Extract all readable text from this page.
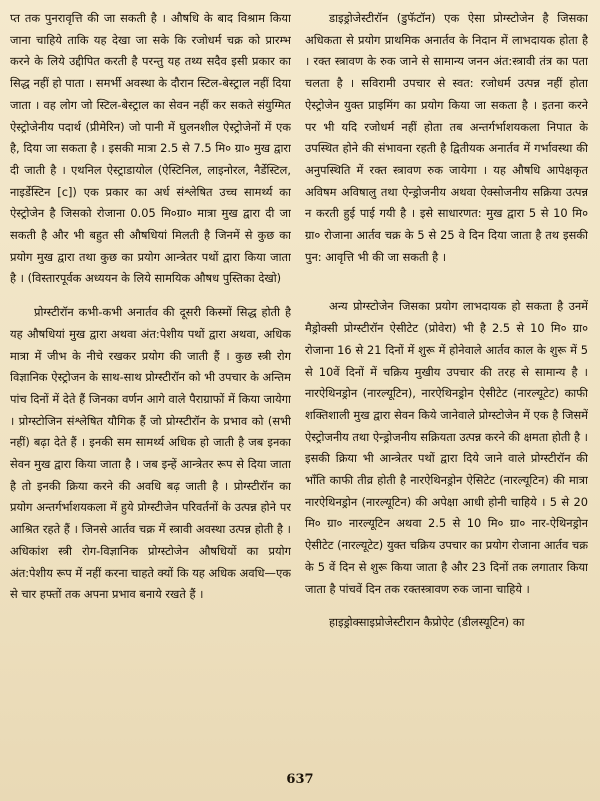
प्त तक पुनरावृत्ति की जा सकती है । औषधि के बाद विश्राम किया जाना चाहिये ताकि यह देखा जा सके कि रजोधर्म चक्र को प्रारम्भ करने के लिये उद्दीपित करती है परन्तु यह तथ्य सदैव इसी प्रकार का सिद्ध नहीं हो पाता । समर्भी अवस्था के दौरान स्टिल-बेस्ट्राल नहीं दिया जाता । वह लोग जो स्टिल-बेस्ट्राल का सेवन नहीं कर सकते संयुग्मित ऐस्ट्रोजेनीय पदार्थ (प्रीमेरिन) जो पानी में घुलनशील ऐस्ट्रोजेनों में एक है, दिया जा सकता है । इसकी मात्रा 2.5 से 7.5 मि० ग्रा० मुख द्वारा दी जाती है । एथनिल ऐस्ट्राडायोल (ऐस्टिनिल, लाइनोरल, नैर्डेस्टिल, नाइर्डेस्टिन [c]) एक प्रकार का अर्ध संश्लेषित उच्च सामर्थ्य का ऐस्ट्रोजेन है जिसको रोजाना 0.05 मि०ग्रा० मात्रा मुख द्वारा दी जा सकती है और भी बहुत सी औषधियां मिलती है जिनमें से कुछ का प्रयोग मुख द्वारा तथा कुछ का प्रयोग आन्त्रेतर पथों द्वारा किया जाता है । (विस्तारपूर्वक अध्ययन के लिये सामयिक औषध पुस्तिका देखो)

प्रोग्स्टीरॉन कभी-कभी अनार्तव की दूसरी किस्मों सिद्ध होती है यह औषधियां मुख द्वारा अथवा अंत:पेशीय पथों द्वारा अथवा, अधिक मात्रा में जीभ के नीचे रखकर प्रयोग की जाती हैं । कुछ स्त्री रोग विज्ञानिक ऐस्ट्रोजन के साथ-साथ प्रोग्स्टीरॉन को भी उपचार के अन्तिम पांच दिनों में देते हैं जिनका वर्णन आगे वाले पैराग्राफों में किया जायेगा । प्रोग्स्टोजिन संश्लेषित यौगिक हैं जो प्रोग्स्टीरॉन के प्रभाव को (सभी नहीं) बढ़ा देते हैं । इनकी सम सामर्थ्य अधिक हो जाती है जब इनका सेवन मुख द्वारा किया जाता है । जब इन्हें आन्त्रेतर रूप से दिया जाता है तो इनकी क्रिया करने की अवधि बढ़ जाती है । प्रोग्स्टीरॉन का प्रयोग अन्तर्गर्भाशयकला में हुये प्रोग्स्टीजेन परिवर्तनों के उत्पन्न होने पर आश्रित रहते हैं । जिनसे आर्तव चक्र में स्त्रावी अवस्था उत्पन्न होती है । अधिकांश स्त्री रोग-विज्ञानिक प्रोग्स्टोजेन औषधियों का प्रयोग अंत:पेशीय रूप में नहीं करना चाहते क्यों कि यह अधिक अवधि—एक से चार हफ्तों तक अपना प्रभाव बनाये रखते हैं ।

डाइड्रोजेस्टीरॉन (डुफॅटॉन) एक ऐसा प्रोग्स्टोजेन है जिसका अधिकता से प्रयोग प्राथमिक अनार्तव के निदान में लाभदायक होता है । रक्त स्त्रावण के रुक जाने से सामान्य जनन अंत:स्त्रावी तंत्र का पता चलता है । सविरामी उपचार से स्वत: रजोधर्म उत्पन्न नहीं होता ऐस्ट्रोजेन युक्त प्राइमिंग का प्रयोग किया जा सकता है । इतना करने पर भी यदि रजोधर्म नहीं होता तब अन्तर्गर्भाशयकला निपात के उपस्थित होने की संभावना रहती है द्वितीयक अनार्तव में गर्भावस्था की अनुपस्थिति में रक्त स्त्रावण रुक जायेगा । यह औषधि आपेक्षकृत अविषम अविषालु तथा ऐन्ड्रोजनीय अथवा ऐक्सोजनीय सक्रिया उत्पन्न न करती हुई पाई गयी है । इसे साधारणत: मुख द्वारा 5 से 10 मि० ग्रा० रोजाना आर्तव चक्र के 5 से 25 वे दिन दिया जाता है तथ इसकी पुन: आवृत्ति भी की जा सकती है ।

अन्य प्रोग्स्टोजेन जिसका प्रयोग लाभदायक हो सकता है उनमें मैड्रोक्सी प्रोग्स्टीरॉन ऐसीटेट (प्रोवेरा) भी है 2.5 से 10 मि० ग्रा० रोजाना 16 से 21 दिनों में शुरू में होनेवाले आर्तव काल के शुरू में 5 से 10वें दिनों में चक्रिय मुखीय उपचार की तरह से सामान्य है । नारऐथिनड्रोन (नारल्यूटिन), नारऐथिनड्रोन ऐसीटेट (नारल्यूटेट) काफी शक्तिशाली मुख द्वारा सेवन किये जानेवाले प्रोग्स्टोजेन में एक है जिसमें ऐस्ट्रोजनीय तथा ऐन्ड्रोजनीय सक्रियता उत्पन्न करने की क्षमता होती है । इसकी क्रिया भी आन्त्रेतर पथों द्वारा दिये जाने वाले प्रोग्स्टीरॉन की भाँति काफी तीव्र होती है नारऐथिनड्रोन ऐसिटेट (नारल्यूटिन) की मात्रा नारऐथिनड्रोन (नारल्यूटिन) की अपेक्षा आधी होनी चाहिये । 5 से 20 मि० ग्रा० नारल्यूटिन अथवा 2.5 से 10 मि० ग्रा० नार-ऐथिनड्रोन ऐसीटेट (नारल्यूटेट) युक्त चक्रिय उपचार का प्रयोग रोजाना आर्तव चक्र के 5 वें दिन से शुरू किया जाता है और 23 दिनों तक लगातार किया जाता है पांचवें दिन तक रक्तस्त्रावण रुक जाना चाहिये ।

हाइड्रोक्साइप्रोजेस्टीरान कैप्रोऐट (डीलस्यूटिन) का

637
